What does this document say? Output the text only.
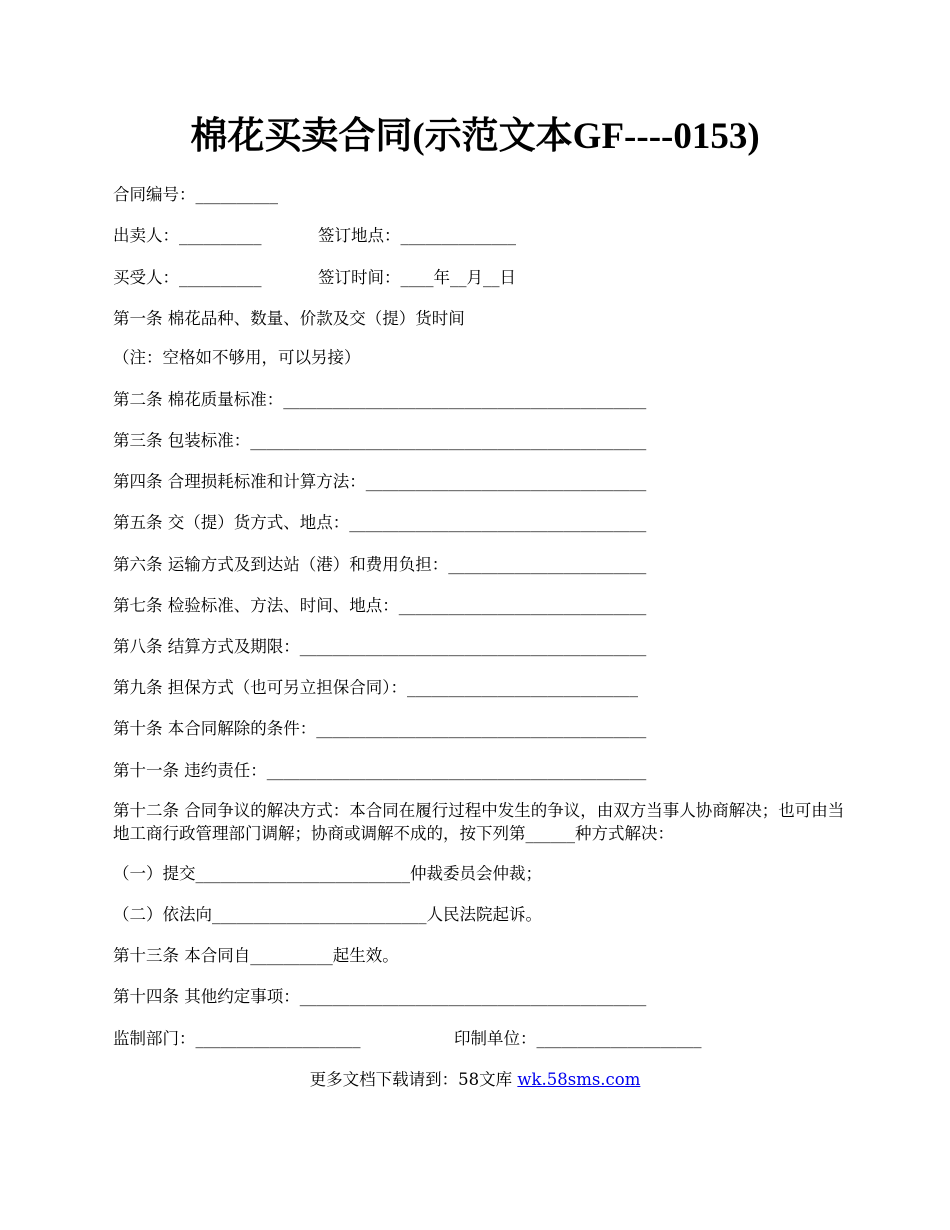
棉花买卖合同(示范文本GF----0153)
合同编号：__________
出卖人：__________	签订地点：______________
买受人：__________	签订时间：____年__月__日
第一条 棉花品种、数量、价款及交（提）货时间
（注：空格如不够用，可以另接）
第二条 棉花质量标准：____________________________________________
第三条 包装标准：________________________________________________
第四条 合理损耗标准和计算方法：__________________________________
第五条 交（提）货方式、地点：____________________________________
第六条 运输方式及到达站（港）和费用负担：________________________
第七条 检验标准、方法、时间、地点：______________________________
第八条 结算方式及期限：__________________________________________
第九条 担保方式（也可另立担保合同）：____________________________
第十条 本合同解除的条件：________________________________________
第十一条 违约责任：______________________________________________
第十二条 合同争议的解决方式：本合同在履行过程中发生的争议，由双方当事人协商解决；也可由当地工商行政管理部门调解；协商或调解不成的，按下列第______种方式解决：
（一）提交__________________________仲裁委员会仲裁；
（二）依法向__________________________人民法院起诉。
第十三条 本合同自__________起生效。
第十四条 其他约定事项：__________________________________________
监制部门：____________________	印制单位：____________________
更多文档下载请到：58文库 wk.58sms.com
